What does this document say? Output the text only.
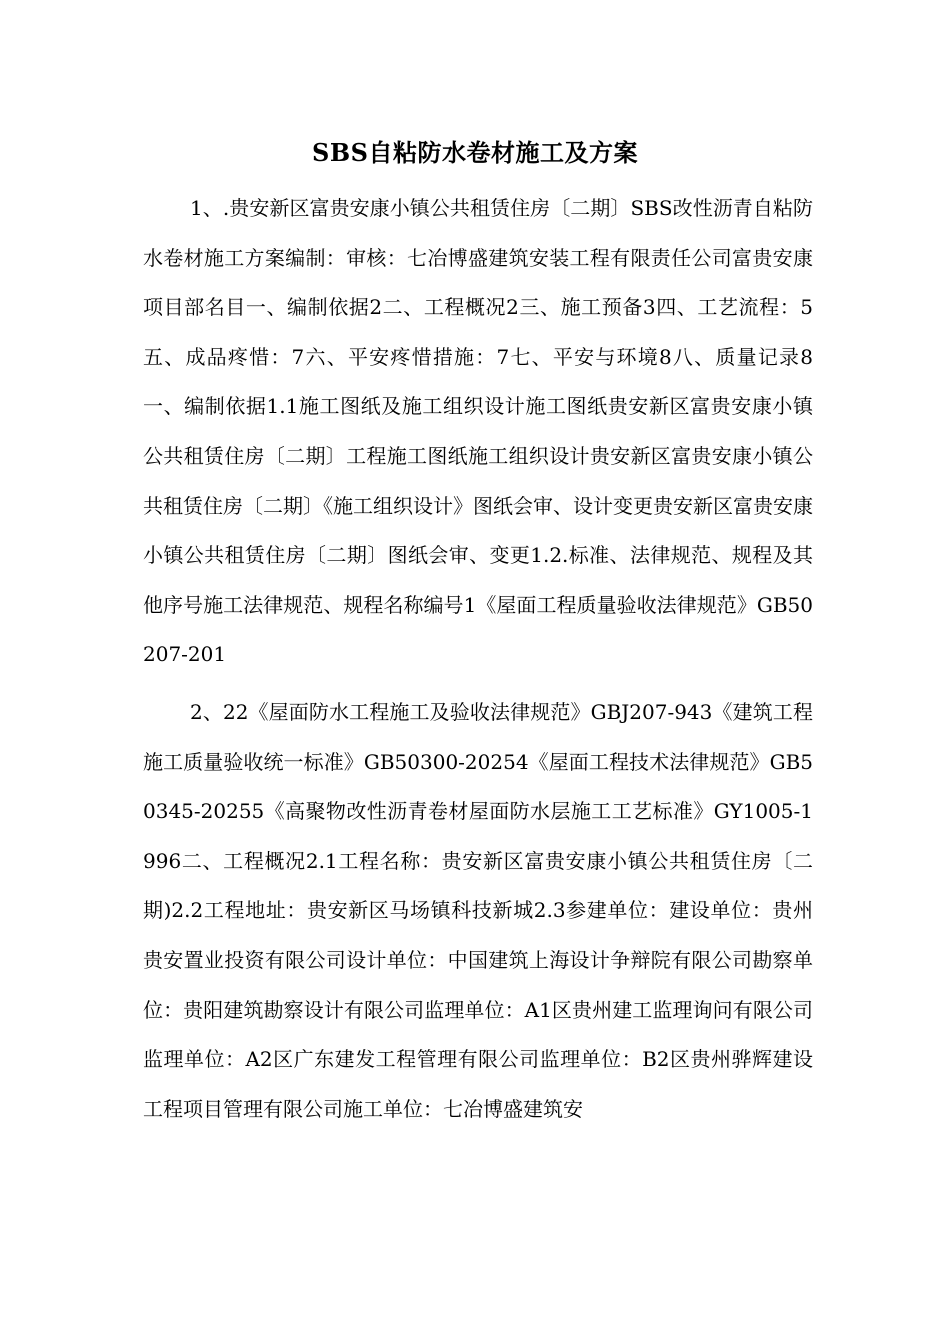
SBS自粘防水卷材施工及方案

1、.贵安新区富贵安康小镇公共租赁住房〔二期〕SBS改性沥青自粘防水卷材施工方案编制：审核：七冶博盛建筑安装工程有限责任公司富贵安康项目部名目一、编制依据2二、工程概况2三、施工预备3四、工艺流程：5五、成品疼惜：7六、平安疼惜措施：7七、平安与环境8八、质量记录8一、编制依据1.1施工图纸及施工组织设计施工图纸贵安新区富贵安康小镇公共租赁住房〔二期〕工程施工图纸施工组织设计贵安新区富贵安康小镇公共租赁住房〔二期〕《施工组织设计》图纸会审、设计变更贵安新区富贵安康小镇公共租赁住房〔二期〕图纸会审、变更1.2.标准、法律规范、规程及其他序号施工法律规范、规程名称编号1《屋面工程质量验收法律规范》GB50207-201

2、22《屋面防水工程施工及验收法律规范》GBJ207-943《建筑工程施工质量验收统一标准》GB50300-20254《屋面工程技术法律规范》GB50345-20255《高聚物改性沥青卷材屋面防水层施工工艺标准》GY1005-1996二、工程概况2.1工程名称：贵安新区富贵安康小镇公共租赁住房〔二期)2.2工程地址：贵安新区马场镇科技新城2.3参建单位：建设单位：贵州贵安置业投资有限公司设计单位：中国建筑上海设计争辩院有限公司勘察单位：贵阳建筑勘察设计有限公司监理单位：A1区贵州建工监理询问有限公司监理单位：A2区广东建发工程管理有限公司监理单位：B2区贵州骅辉建设工程项目管理有限公司施工单位：七冶博盛建筑安
